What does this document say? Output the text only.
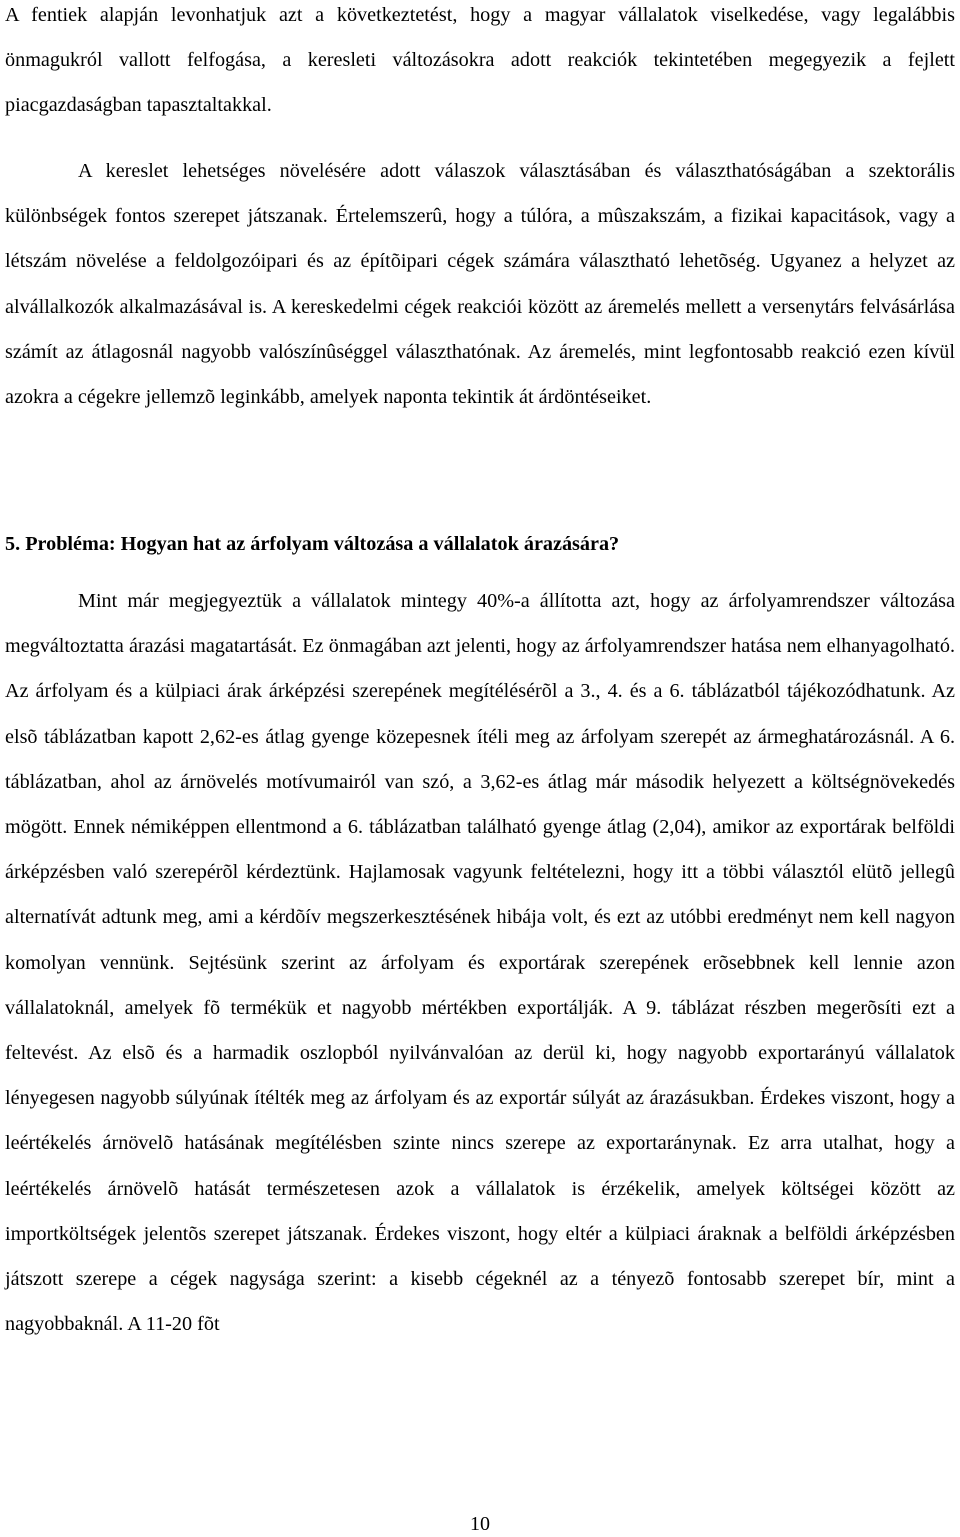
A fentiek alapján levonhatjuk azt a következtetést, hogy a magyar vállalatok viselkedése, vagy legalábbis önmagukról vallott felfogása, a keresleti változásokra adott reakciók tekintetében megegyezik a fejlett piacgazdaságban tapasztaltakkal.

A kereslet lehetséges növelésére adott válaszok választásában és választhatóságában a szektorális különbségek fontos szerepet játszanak. Értelemszerû, hogy a túlóra, a mûszakszám, a fizikai kapacitások, vagy a létszám növelése a feldolgozóipari és az építõipari cégek számára választható lehetõség. Ugyanez a helyzet az alvállalkozók alkalmazásával is. A kereskedelmi cégek reakciói között az áremelés mellett a versenytárs felvásárlása számít az átlagosnál nagyobb valószínûséggel választhatónak. Az áremelés, mint legfontosabb reakció ezen kívül azokra a cégekre jellemzõ leginkább, amelyek naponta tekintik át árdöntéseiket.

5. Probléma: Hogyan hat az árfolyam változása a vállalatok árazására?

Mint már megjegyeztük a vállalatok mintegy 40%-a állította azt, hogy az árfolyamrendszer változása megváltoztatta árazási magatartását. Ez önmagában azt jelenti, hogy az árfolyamrendszer hatása nem elhanyagolható. Az árfolyam és a külpiaci árak árképzési szerepének megítélésérõl a 3., 4. és a 6. táblázatból tájékozódhatunk. Az elsõ táblázatban kapott 2,62-es átlag gyenge közepesnek ítéli meg az árfolyam szerepét az ármeghatározásnál. A 6. táblázatban, ahol az árnövelés motívumairól van szó, a 3,62-es átlag már második helyezett a költségnövekedés mögött. Ennek némiképpen ellentmond a 6. táblázatban található gyenge átlag (2,04), amikor az exportárak belföldi árképzésben való szerepérõl kérdeztünk. Hajlamosak vagyunk feltételezni, hogy itt a többi választól elütõ jellegû alternatívát adtunk meg, ami a kérdõív megszerkesztésének hibája volt, és ezt az utóbbi eredményt nem kell nagyon komolyan vennünk. Sejtésünk szerint az árfolyam és exportárak szerepének erõsebbnek kell lennie azon vállalatoknál, amelyek fõ termékük et nagyobb mértékben exportálják. A 9. táblázat részben megerõsíti ezt a feltevést. Az elsõ és a harmadik oszlopból nyilvánvalóan az derül ki, hogy nagyobb exportarányú vállalatok lényegesen nagyobb súlyúnak ítélték meg az árfolyam és az exportár súlyát az árazásukban. Érdekes viszont, hogy a leértékelés árnövelõ hatásának megítélésben szinte nincs szerepe az exportaránynak. Ez arra utalhat, hogy a leértékelés árnövelõ hatását természetesen azok a vállalatok is érzékelik, amelyek költségei között az importköltségek jelentõs szerepet játszanak. Érdekes viszont, hogy eltér a külpiaci áraknak a belföldi árképzésben játszott szerepe a cégek nagysága szerint: a kisebb cégeknél az a tényezõ fontosabb szerepet bír, mint a nagyobbaknál. A 11-20 fõt

10
